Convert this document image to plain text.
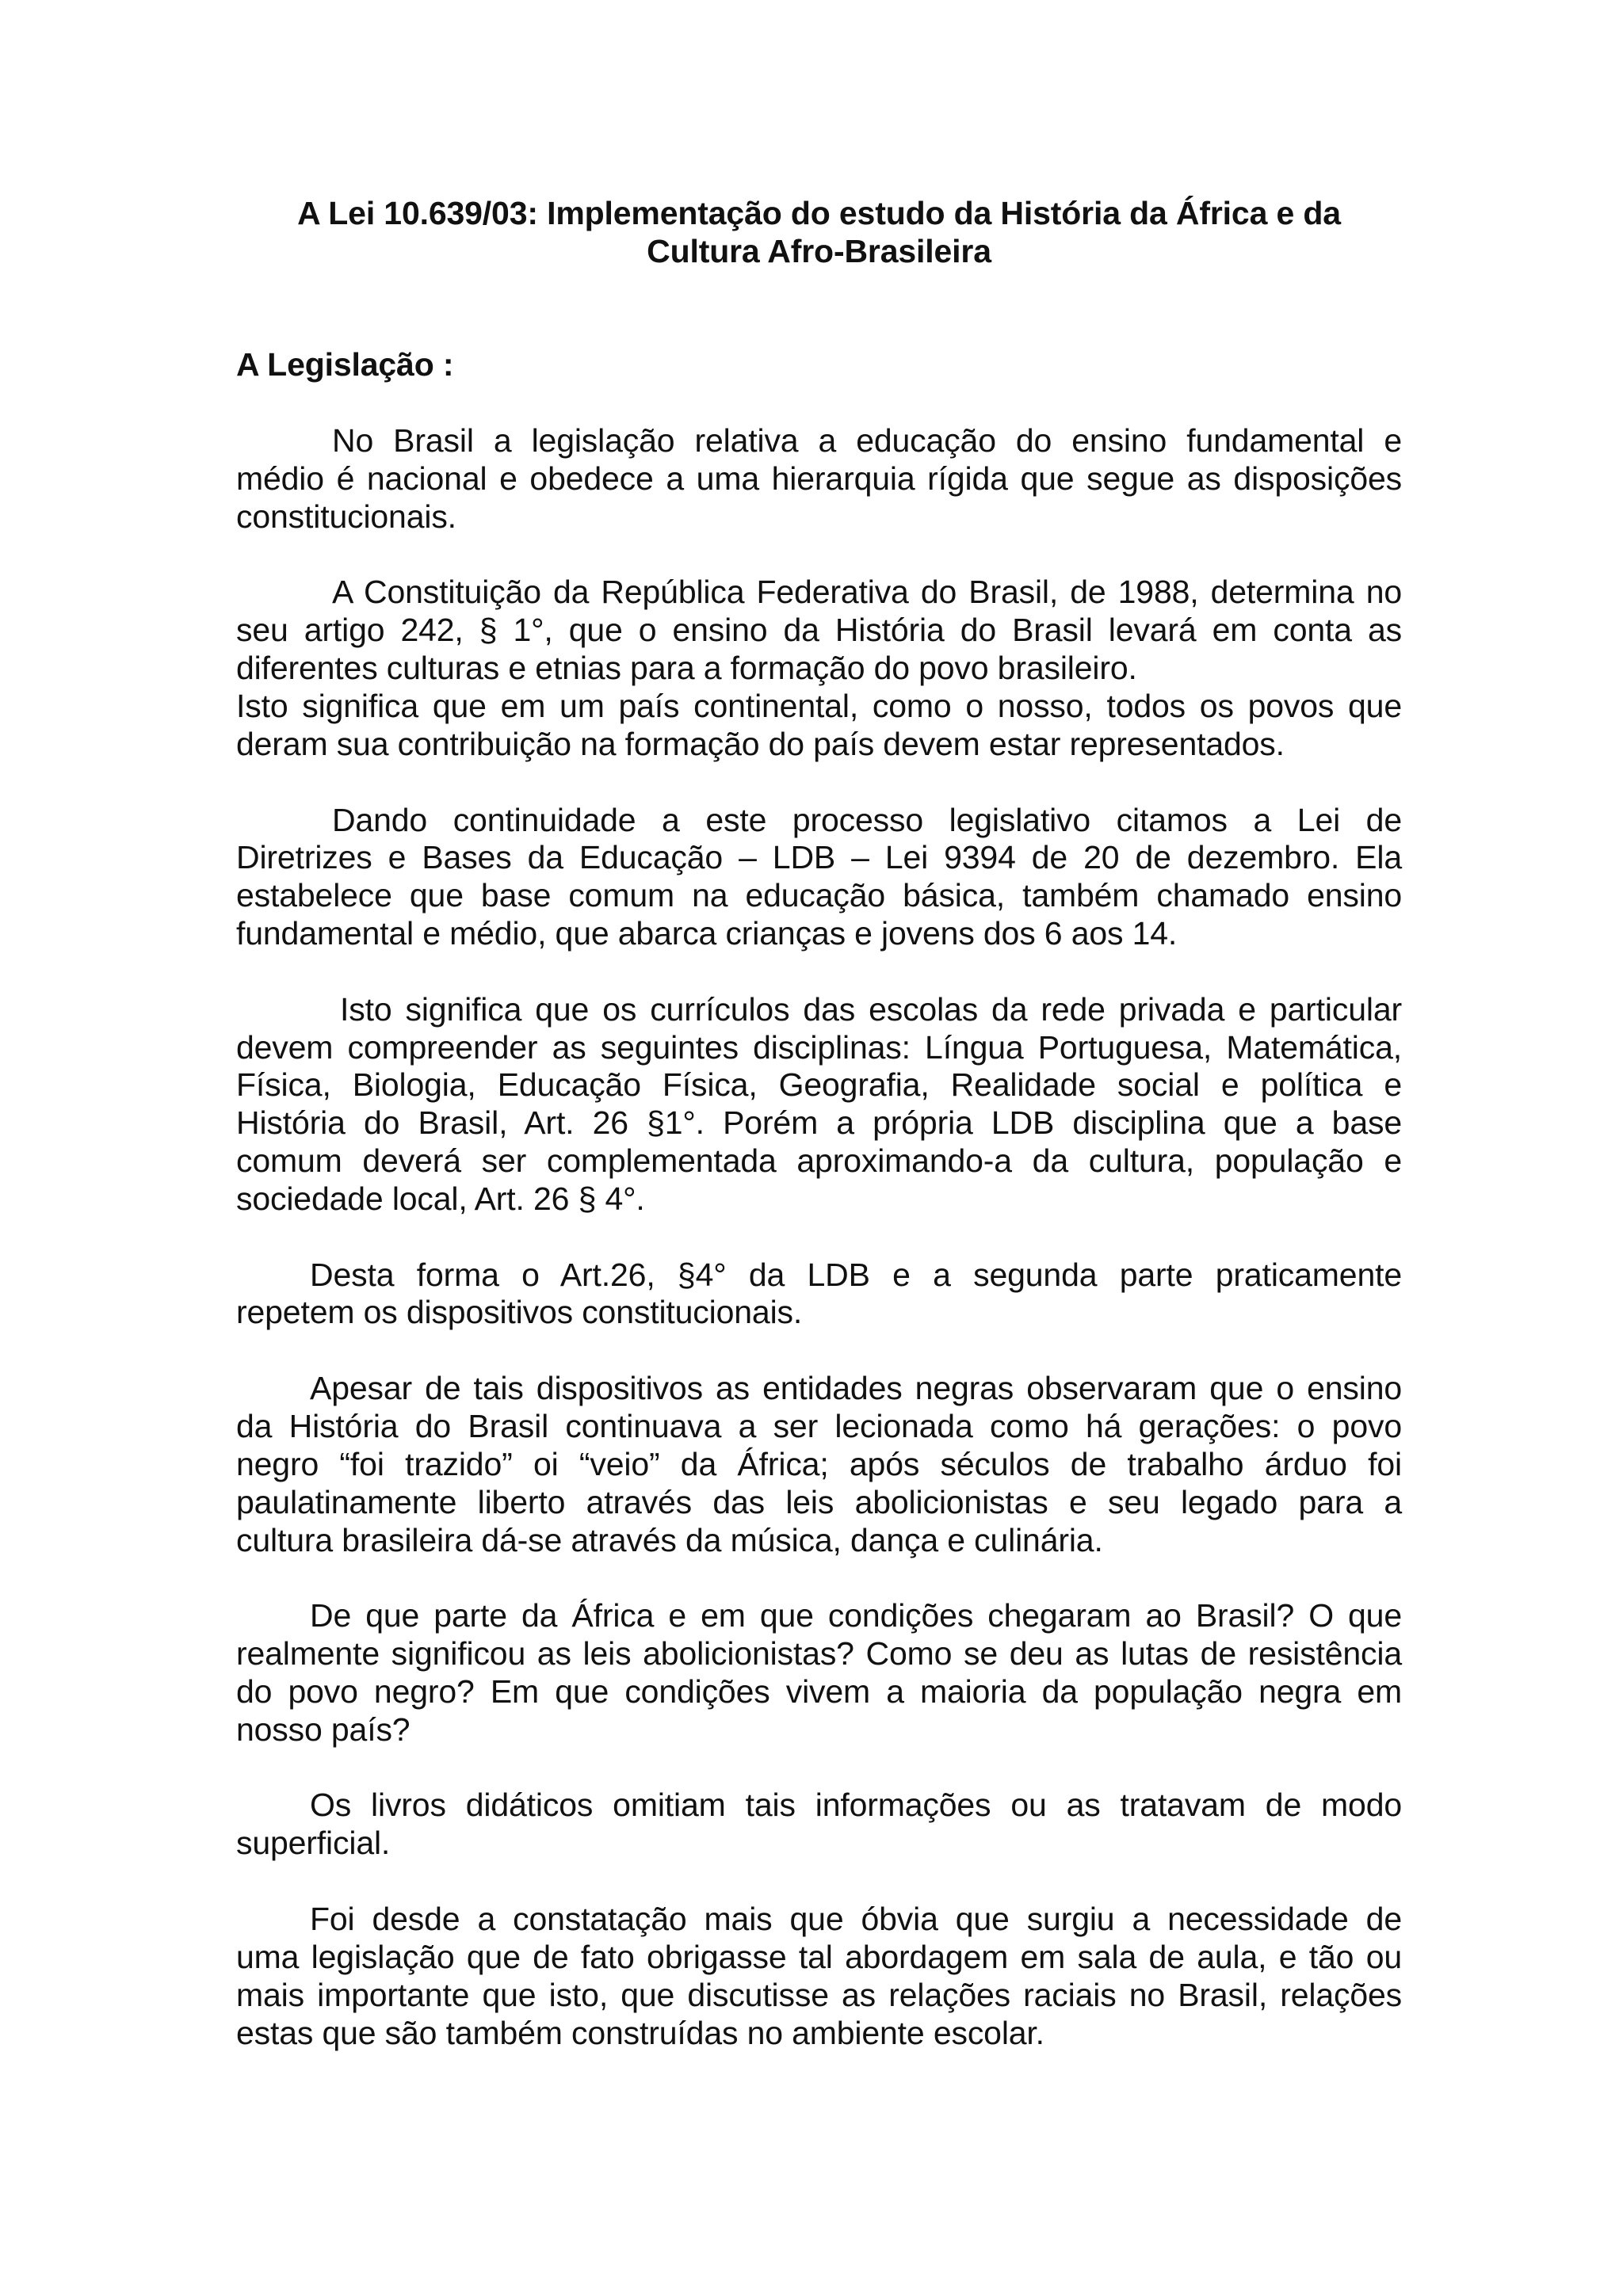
A Lei 10.639/03: Implementação do estudo da História da África e da
Cultura Afro-Brasileira
A Legislação :
No Brasil a legislação relativa a educação do ensino fundamental e
médio é nacional e obedece a uma hierarquia rígida que segue as disposições
constitucionais.
A Constituição da República Federativa do Brasil, de 1988, determina no
seu artigo 242, § 1°, que o ensino da História do Brasil levará em conta as
diferentes culturas e etnias para a formação do povo brasileiro.
Isto significa que em um país continental, como o nosso, todos os povos que
deram sua contribuição na formação do país devem estar representados.
Dando continuidade a este processo legislativo citamos a Lei de
Diretrizes e Bases da Educação – LDB – Lei 9394 de 20 de dezembro. Ela
estabelece que base comum na educação básica, também chamado ensino
fundamental e médio, que abarca crianças e jovens dos 6 aos 14.
Isto significa que os currículos das escolas da rede privada e particular
devem compreender as seguintes disciplinas: Língua Portuguesa, Matemática,
Física, Biologia, Educação Física, Geografia, Realidade social e política e
História do Brasil, Art. 26 §1°. Porém a própria LDB disciplina que a base
comum deverá ser complementada aproximando-a da cultura, população e
sociedade local, Art. 26 § 4°.
Desta forma o Art.26, §4° da LDB e a segunda parte praticamente
repetem os dispositivos constitucionais.
Apesar de tais dispositivos as entidades negras observaram que o ensino
da História do Brasil continuava a ser lecionada como há gerações: o povo
negro “foi trazido” oi “veio” da África; após séculos de trabalho árduo foi
paulatinamente liberto através das leis abolicionistas e seu legado para a
cultura brasileira dá-se através da música, dança e culinária.
De que parte da África e em que condições chegaram ao Brasil? O que
realmente significou as leis abolicionistas? Como se deu as lutas de resistência
do povo negro? Em que condições vivem a maioria da população negra em
nosso país?
Os livros didáticos omitiam tais informações ou as tratavam de modo
superficial.
Foi desde a constatação mais que óbvia que surgiu a necessidade de
uma legislação que de fato obrigasse tal abordagem em sala de aula, e tão ou
mais importante que isto, que discutisse as relações raciais no Brasil, relações
estas que são também construídas no ambiente escolar.
